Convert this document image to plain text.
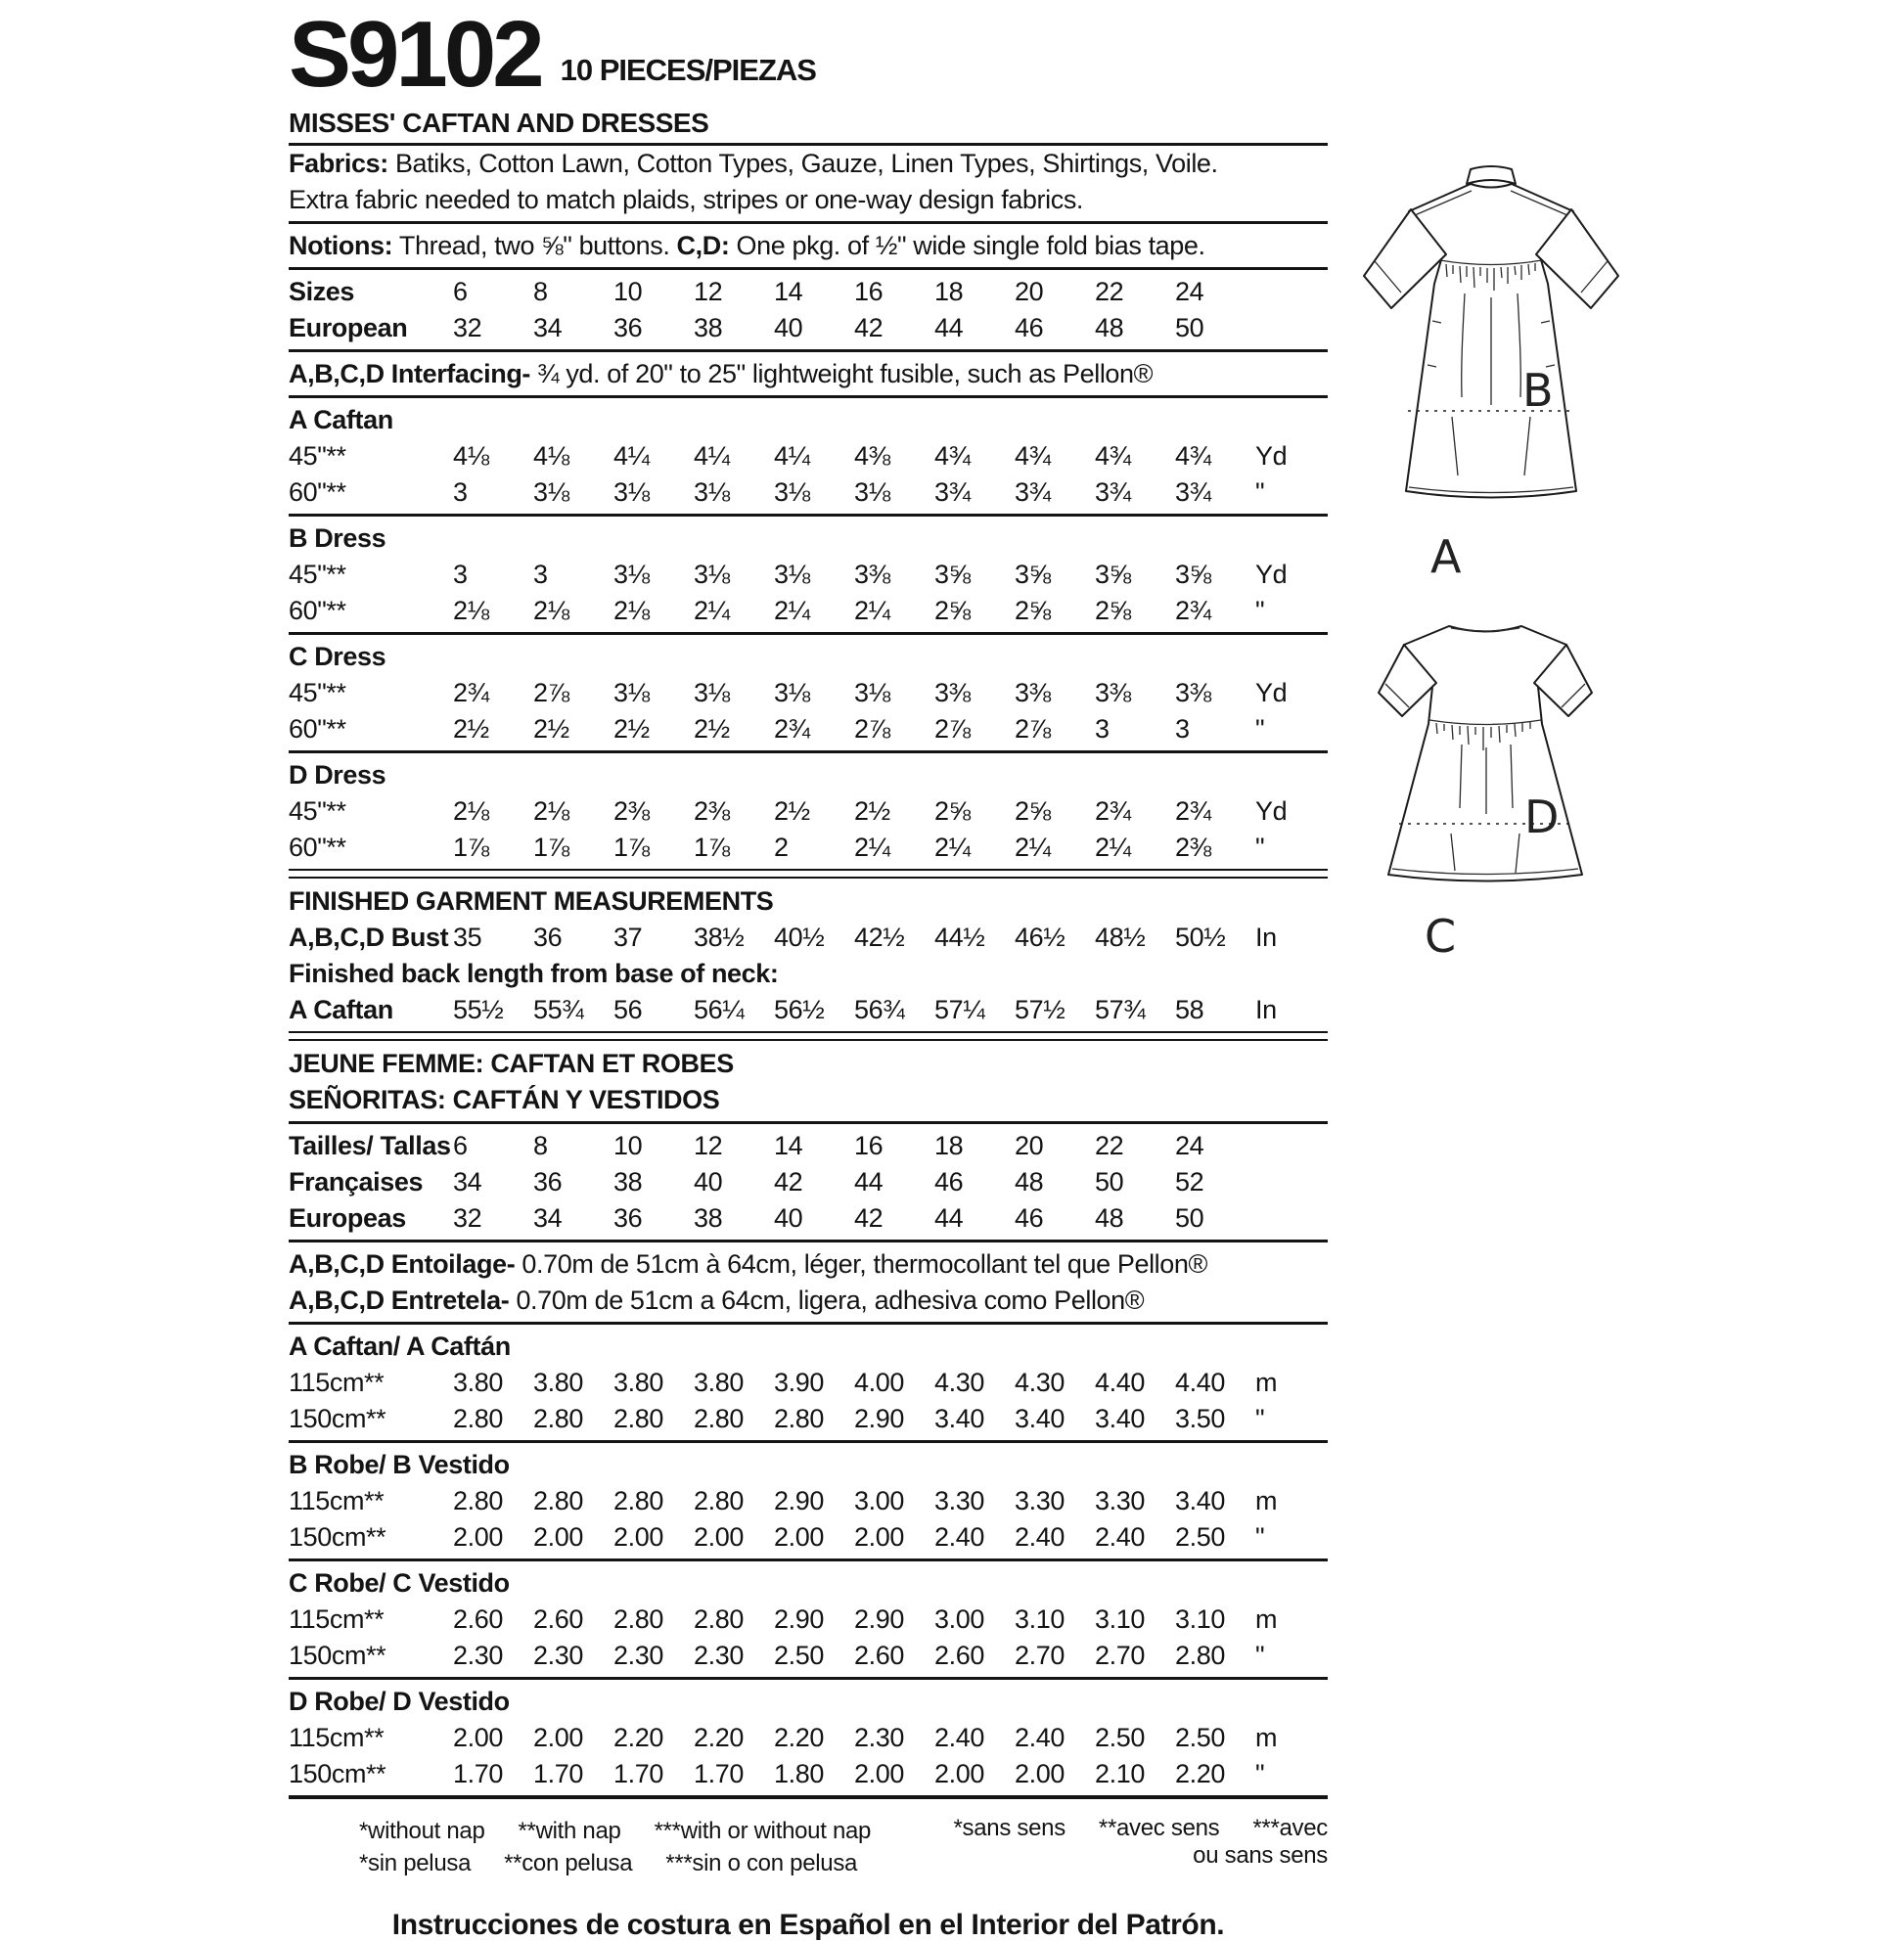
S9102 10 PIECES/PIEZAS
MISSES' CAFTAN AND DRESSES
Fabrics: Batiks, Cotton Lawn, Cotton Types, Gauze, Linen Types, Shirtings, Voile.
Extra fabric needed to match plaids, stripes or one-way design fabrics.
Notions: Thread, two ⅝" buttons. C,D: One pkg. of ½" wide single fold bias tape.
Sizes	6	8	10	12	14	16	18	20	22	24
European	32	34	36	38	40	42	44	46	48	50
A,B,C,D Interfacing- ¾ yd. of 20" to 25" lightweight fusible, such as Pellon®
A Caftan
45"**	4⅛	4⅛	4¼	4¼	4¼	4⅜	4¾	4¾	4¾	4¾	Yd
60"**	3	3⅛	3⅛	3⅛	3⅛	3⅛	3¾	3¾	3¾	3¾	"
B Dress
45"**	3	3	3⅛	3⅛	3⅛	3⅜	3⅝	3⅝	3⅝	3⅝	Yd
60"**	2⅛	2⅛	2⅛	2¼	2¼	2¼	2⅝	2⅝	2⅝	2¾	"
C Dress
45"**	2¾	2⅞	3⅛	3⅛	3⅛	3⅛	3⅜	3⅜	3⅜	3⅜	Yd
60"**	2½	2½	2½	2½	2¾	2⅞	2⅞	2⅞	3	3	"
D Dress
45"**	2⅛	2⅛	2⅜	2⅜	2½	2½	2⅝	2⅝	2¾	2¾	Yd
60"**	1⅞	1⅞	1⅞	1⅞	2	2¼	2¼	2¼	2¼	2⅜	"
FINISHED GARMENT MEASUREMENTS
A,B,C,D Bust 35	36	37	38½	40½	42½	44½	46½	48½	50½	In
Finished back length from base of neck:
A Caftan	55½	55¾	56	56¼	56½	56¾	57¼	57½	57¾	58	In
JEUNE FEMME: CAFTAN ET ROBES
SEÑORITAS: CAFTÁN Y VESTIDOS
Tailles/ Tallas 6	8	10	12	14	16	18	20	22	24
Françaises	34	36	38	40	42	44	46	48	50	52
Europeas	32	34	36	38	40	42	44	46	48	50
A,B,C,D Entoilage- 0.70m de 51cm à 64cm, léger, thermocollant tel que Pellon®
A,B,C,D Entretela- 0.70m de 51cm a 64cm, ligera, adhesiva como Pellon®
A Caftan/ A Caftán
115cm**	3.80	3.80	3.80	3.80	3.90	4.00	4.30	4.30	4.40	4.40	m
150cm**	2.80	2.80	2.80	2.80	2.80	2.90	3.40	3.40	3.40	3.50	"
B Robe/ B Vestido
115cm**	2.80	2.80	2.80	2.80	2.90	3.00	3.30	3.30	3.30	3.40	m
150cm**	2.00	2.00	2.00	2.00	2.00	2.00	2.40	2.40	2.40	2.50	"
C Robe/ C Vestido
115cm**	2.60	2.60	2.80	2.80	2.90	2.90	3.00	3.10	3.10	3.10	m
150cm**	2.30	2.30	2.30	2.30	2.50	2.60	2.60	2.70	2.70	2.80	"
D Robe/ D Vestido
115cm**	2.00	2.00	2.20	2.20	2.20	2.30	2.40	2.40	2.50	2.50	m
150cm**	1.70	1.70	1.70	1.70	1.80	2.00	2.00	2.00	2.10	2.20	"
*without nap **with nap ***with or without nap
*sin pelusa **con pelusa ***sin o con pelusa
*sans sens **avec sens ***avec ou sans sens
Instrucciones de costura en Español en el Interior del Patrón.
B
A
D
C
